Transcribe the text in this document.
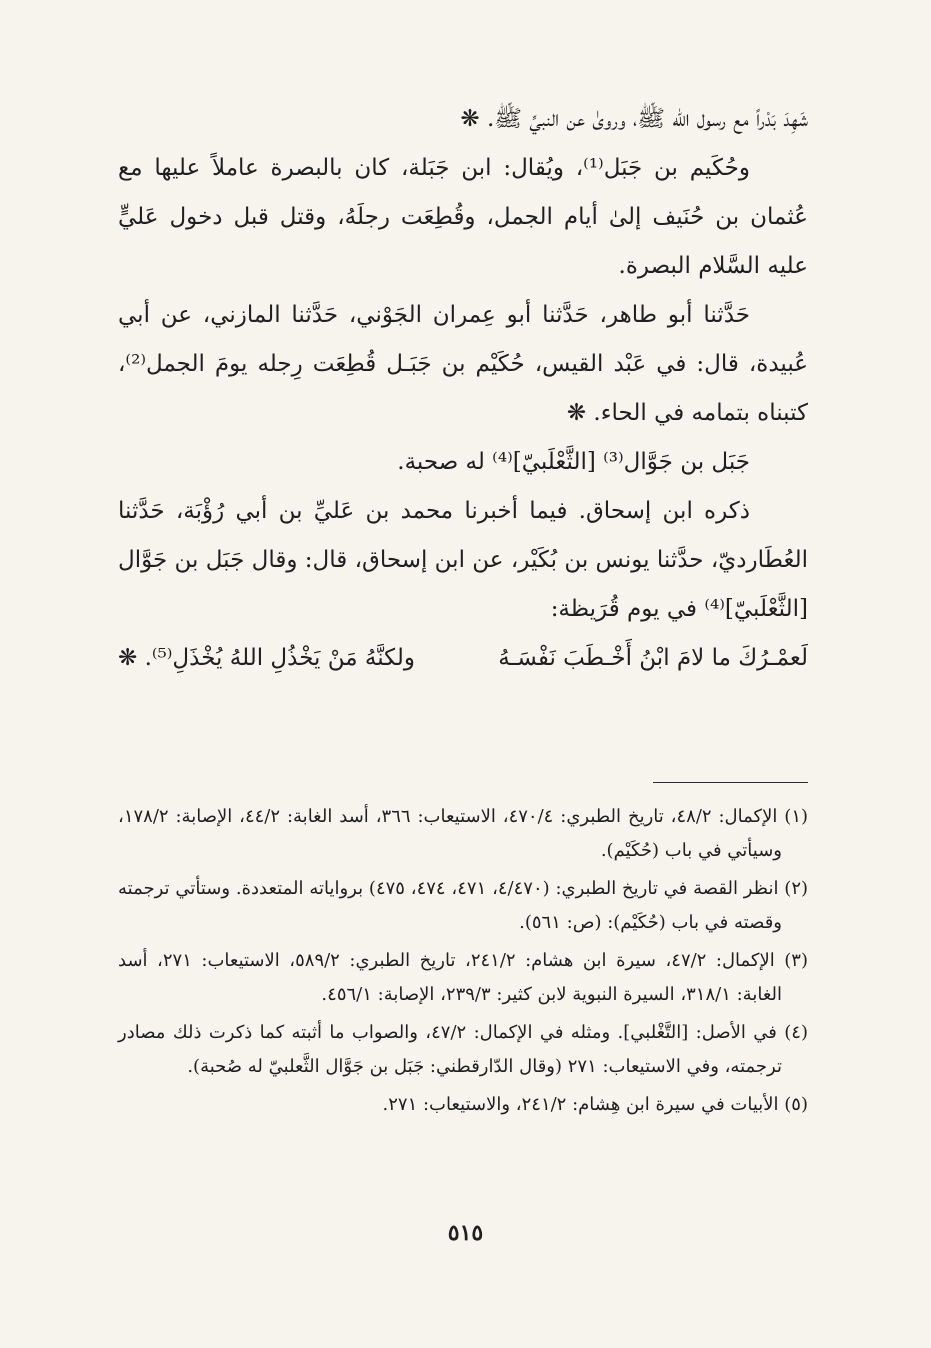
شَهِدَ بَدْراً مع رسول الله ﷺ، وروىٰ عن النبيِّ ﷺ. ❋

وحُكَيم بن جَبَل⁽¹⁾، ويُقال: ابن جَبَلة، كان بالبصرة عاملاً عليها مع عُثمان بن حُنَيف إلىٰ أيام الجمل، وقُطِعَت رجلَهُ، وقتل قبل دخول عَليٍّ عليه السَّلام البصرة.

حَدَّثنا أبو طاهر، حَدَّثنا أبو عِمران الجَوْني، حَدَّثنا المازني، عن أبي عُبيدة، قال: في عَبْد القيس، حُكَيْم بن جَبَـل قُطِعَت رِجله يومَ الجمل⁽²⁾، كتبناه بتمامه في الحاء. ❋

جَبَل بن جَوَّال⁽³⁾ [الثَّعْلَبيّ]⁽⁴⁾ له صحبة.

ذكره ابن إسحاق. فيما أخبرنا محمد بن عَليِّ بن أبي رُؤْبَة، حَدَّثنا العُطَارديّ، حدَّثنا يونس بن بُكَيْر، عن ابن إسحاق، قال: وقال جَبَل بن جَوَّال [الثَّعْلَبيّ]⁽⁴⁾ في يوم قُرَيظة:

لَعمْـرُكَ ما لامَ ابْنُ أَخْـطَبَ نَفْسَـهُ
ولكنَّهُ مَنْ يَخْذُلِ اللهُ يُخْذَلِ⁽⁵⁾. ❋

(١) الإكمال: ٤٨/٢، تاريخ الطبري: ٤٧٠/٤، الاستيعاب: ٣٦٦، أسد الغابة: ٤٤/٢، الإصابة: ١٧٨/٢، وسيأتي في باب (حُكَيْم).

(٢) انظر القصة في تاريخ الطبري: (٤/٤٧٠، ٤٧١، ٤٧٤، ٤٧٥) برواياته المتعددة. وستأتي ترجمته وقصته في باب (حُكَيْم): (ص: ٥٦١).

(٣) الإكمال: ٤٧/٢، سيرة ابن هشام: ٢٤١/٢، تاريخ الطبري: ٥٨٩/٢، الاستيعاب: ٢٧١، أسد الغابة: ٣١٨/١، السيرة النبوية لابن كثير: ٢٣٩/٣، الإصابة: ٤٥٦/١.

(٤) في الأصل: [التَّغْلبي]. ومثله في الإكمال: ٤٧/٢، والصواب ما أثبته كما ذكرت ذلك مصادر ترجمته، وفي الاستيعاب: ٢٧١ (وقال الدّارقطني: جَبَل بن جَوَّال الثَّعلبيّ له صُحبة).

(٥) الأبيات في سيرة ابن هِشام: ٢٤١/٢، والاستيعاب: ٢٧١.

٥١٥
